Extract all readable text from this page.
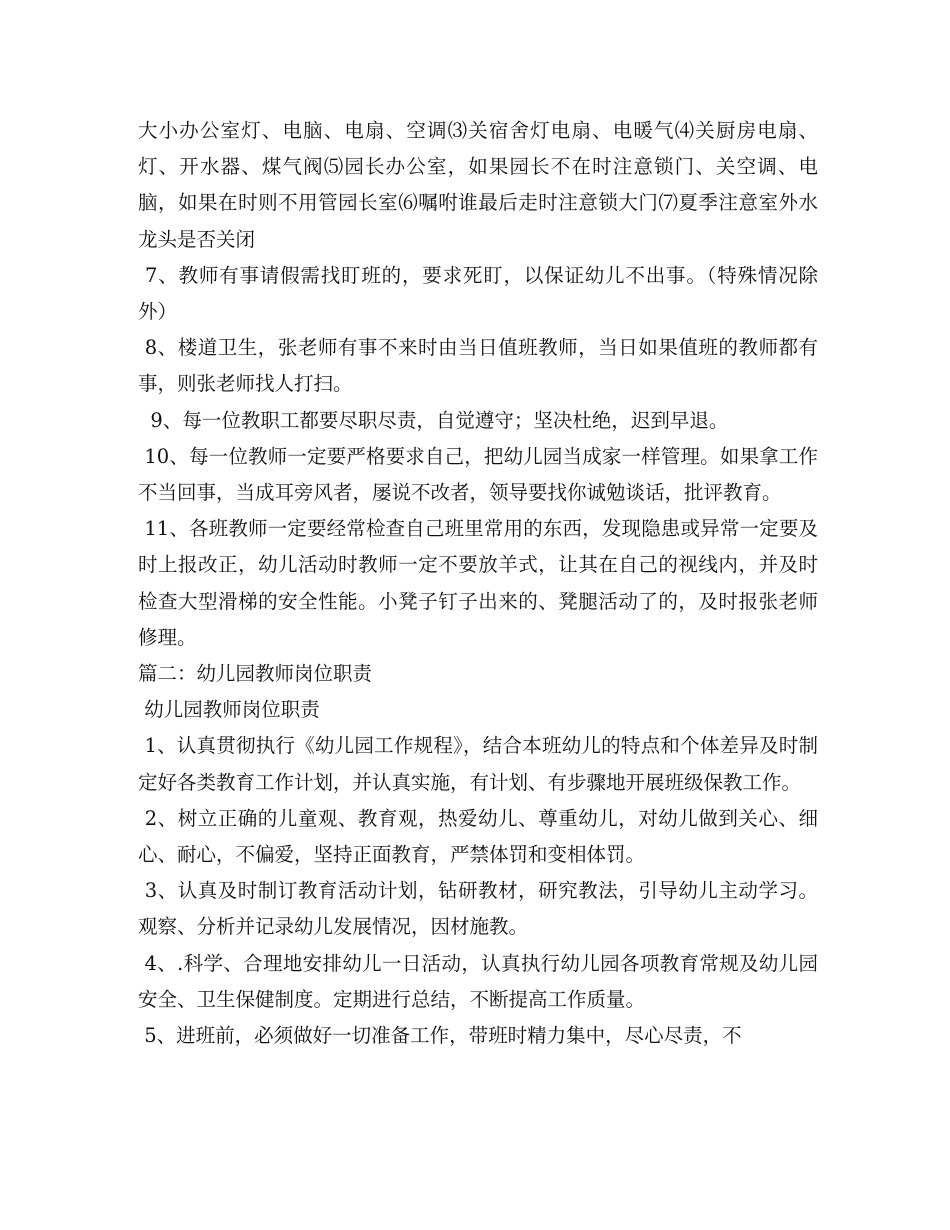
大小办公室灯、电脑、电扇、空调⑶关宿舍灯电扇、电暖气⑷关厨房电扇、灯、开水器、煤气阀⑸园长办公室，如果园长不在时注意锁门、关空调、电脑，如果在时则不用管园长室⑹嘱咐谁最后走时注意锁大门⑺夏季注意室外水龙头是否关闭

7、教师有事请假需找盯班的，要求死盯，以保证幼儿不出事。（特殊情况除外）

8、楼道卫生，张老师有事不来时由当日值班教师，当日如果值班的教师都有事，则张老师找人打扫。

9、每一位教职工都要尽职尽责，自觉遵守；坚决杜绝，迟到早退。

10、每一位教师一定要严格要求自己，把幼儿园当成家一样管理。如果拿工作不当回事，当成耳旁风者，屡说不改者，领导要找你诚勉谈话，批评教育。

11、各班教师一定要经常检查自己班里常用的东西，发现隐患或异常一定要及时上报改正，幼儿活动时教师一定不要放羊式，让其在自己的视线内，并及时检查大型滑梯的安全性能。小凳子钉子出来的、凳腿活动了的，及时报张老师修理。

篇二：幼儿园教师岗位职责

幼儿园教师岗位职责

1、认真贯彻执行《幼儿园工作规程》，结合本班幼儿的特点和个体差异及时制定好各类教育工作计划，并认真实施，有计划、有步骤地开展班级保教工作。

2、树立正确的儿童观、教育观，热爱幼儿、尊重幼儿，对幼儿做到关心、细心、耐心，不偏爱，坚持正面教育，严禁体罚和变相体罚。

3、认真及时制订教育活动计划，钻研教材，研究教法，引导幼儿主动学习。观察、分析并记录幼儿发展情况，因材施教。

4、.科学、合理地安排幼儿一日活动，认真执行幼儿园各项教育常规及幼儿园安全、卫生保健制度。定期进行总结，不断提高工作质量。

5、进班前，必须做好一切准备工作，带班时精力集中，尽心尽责，不
